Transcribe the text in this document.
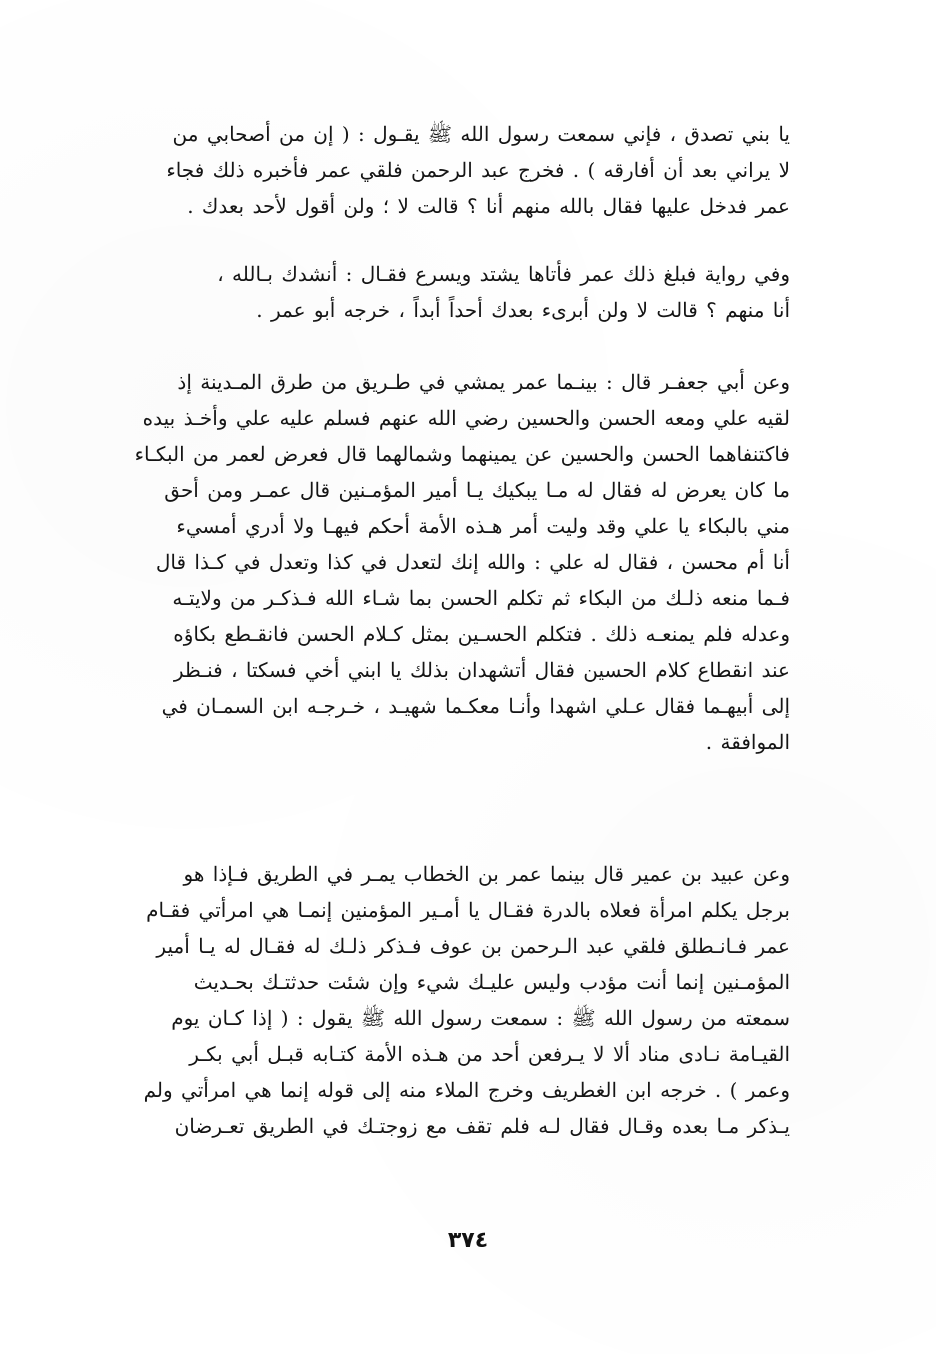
يا بني تصدق ، فإني سمعت رسول الله ﷺ يقـول : ( إن من أصحابي من
لا يراني بعد أن أفارقه ) . فخرج عبد الرحمن فلقي عمر فأخبره ذلك فجاء
عمر فدخل عليها فقال بالله منهم أنا ؟ قالت لا ؛ ولن أقول لأحد بعدك .
وفي رواية فبلغ ذلك عمر فأتاها يشتد ويسرع فقـال : أنشدك بـالله ،
أنا منهم ؟ قالت لا ولن أبرىء بعدك أحداً أبداً ، خرجه أبو عمر .
وعن أبي جعفـر قال : بينـما عمر يمشي في طـريق من طرق المـدينة إذ
لقيه علي ومعه الحسن والحسين رضي الله عنهم فسلم عليه علي وأخـذ بيده
فاكتنفاهما الحسن والحسين عن يمينهما وشمالهما قال فعرض لعمر من البكـاء
ما كان يعرض له فقال له مـا يبكيك يـا أمير المؤمـنين قال عمـر ومن أحق
مني بالبكاء يا علي وقد وليت أمر هـذه الأمة أحكم فيهـا ولا أدري أمسيء
أنا أم محسن ، فقال له علي : والله إنك لتعدل في كذا وتعدل في كـذا قال
فـما منعه ذلـك من البكاء ثم تكلم الحسن بما شـاء الله فـذكـر من ولايتـه
وعدله فلم يمنعـه ذلك . فتكلم الحسـين بمثل كـلام الحسن فانقـطع بكاؤه
عند انقطاع كلام الحسين فقال أتشهدان بذلك يا ابني أخي فسكتا ، فنـظر
إلى أبيهـما فقال عـلي اشهدا وأنـا معكـما شهيـد ، خـرجـه ابن السمـان في
الموافقة .
وعن عبيد بن عمير قال بينما عمر بن الخطاب يمـر في الطريق فـإذا هو
برجل يكلم امرأة فعلاه بالدرة فقـال يا أمـير المؤمنين إنمـا هي امرأتي فقـام
عمر فـانـطلق فلقي عبد الـرحمن بن عوف فـذكر ذلـك له فقـال له يـا أمير
المؤمـنين إنما أنت مؤدب وليس عليـك شيء وإن شئت حدثتـك بحـديث
سمعته من رسول الله ﷺ : سمعت رسول الله ﷺ يقول : ( إذا كـان يوم
القيـامة نـادى مناد ألا لا يـرفعن أحد من هـذه الأمة كتـابه قبـل أبي بكـر
وعمر ) . خرجه ابن الغطريف وخرج الملاء منه إلى قوله إنما هي امرأتي ولم
يـذكر مـا بعده وقـال فقال لـه فلم تقف مع زوجتـك في الطريق تعـرضان
٣٧٤
